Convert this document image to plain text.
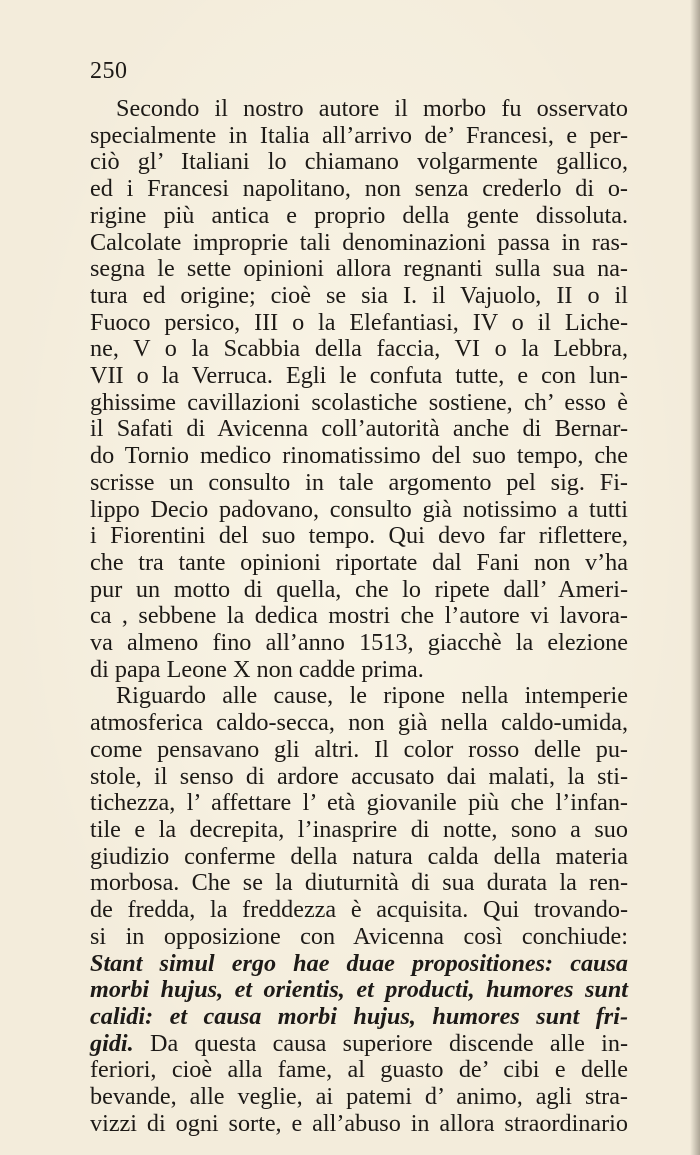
250
Secondo il nostro autore il morbo fu osservato
specialmente in Italia all’arrivo de’ Francesi, e per-
ciò gl’ Italiani lo chiamano volgarmente gallico,
ed i Francesi napolitano, non senza crederlo di o-
rigine più antica e proprio della gente dissoluta.
Calcolate improprie tali denominazioni passa in ras-
segna le sette opinioni allora regnanti sulla sua na-
tura ed origine; cioè se sia I. il Vajuolo, II o il
Fuoco persico, III o la Elefantiasi, IV o il Liche-
ne, V o la Scabbia della faccia, VI o la Lebbra,
VII o la Verruca. Egli le confuta tutte, e con lun-
ghissime cavillazioni scolastiche sostiene, ch’ esso è
il Safati di Avicenna coll’autorità anche di Bernar-
do Tornio medico rinomatissimo del suo tempo, che
scrisse un consulto in tale argomento pel sig. Fi-
lippo Decio padovano, consulto già notissimo a tutti
i Fiorentini del suo tempo. Qui devo far riflettere,
che tra tante opinioni riportate dal Fani non v’ha
pur un motto di quella, che lo ripete dall’ Ameri-
ca , sebbene la dedica mostri che l’autore vi lavora-
va almeno fino all’anno 1513, giacchè la elezione
di papa Leone X non cadde prima.
Riguardo alle cause, le ripone nella intemperie
atmosferica caldo-secca, non già nella caldo-umida,
come pensavano gli altri. Il color rosso delle pu-
stole, il senso di ardore accusato dai malati, la sti-
tichezza, l’ affettare l’ età giovanile più che l’infan-
tile e la decrepita, l’inasprire di notte, sono a suo
giudizio conferme della natura calda della materia
morbosa. Che se la diuturnità di sua durata la ren-
de fredda, la freddezza è acquisita. Qui trovando-
si in opposizione con Avicenna così conchiude:
Stant simul ergo hae duae propositiones: causa
morbi hujus, et orientis, et producti, humores sunt
calidi: et causa morbi hujus, humores sunt fri-
gidi. Da questa causa superiore discende alle in-
feriori, cioè alla fame, al guasto de’ cibi e delle
bevande, alle veglie, ai patemi d’ animo, agli stra-
vizzi di ogni sorte, e all’abuso in allora straordinario
